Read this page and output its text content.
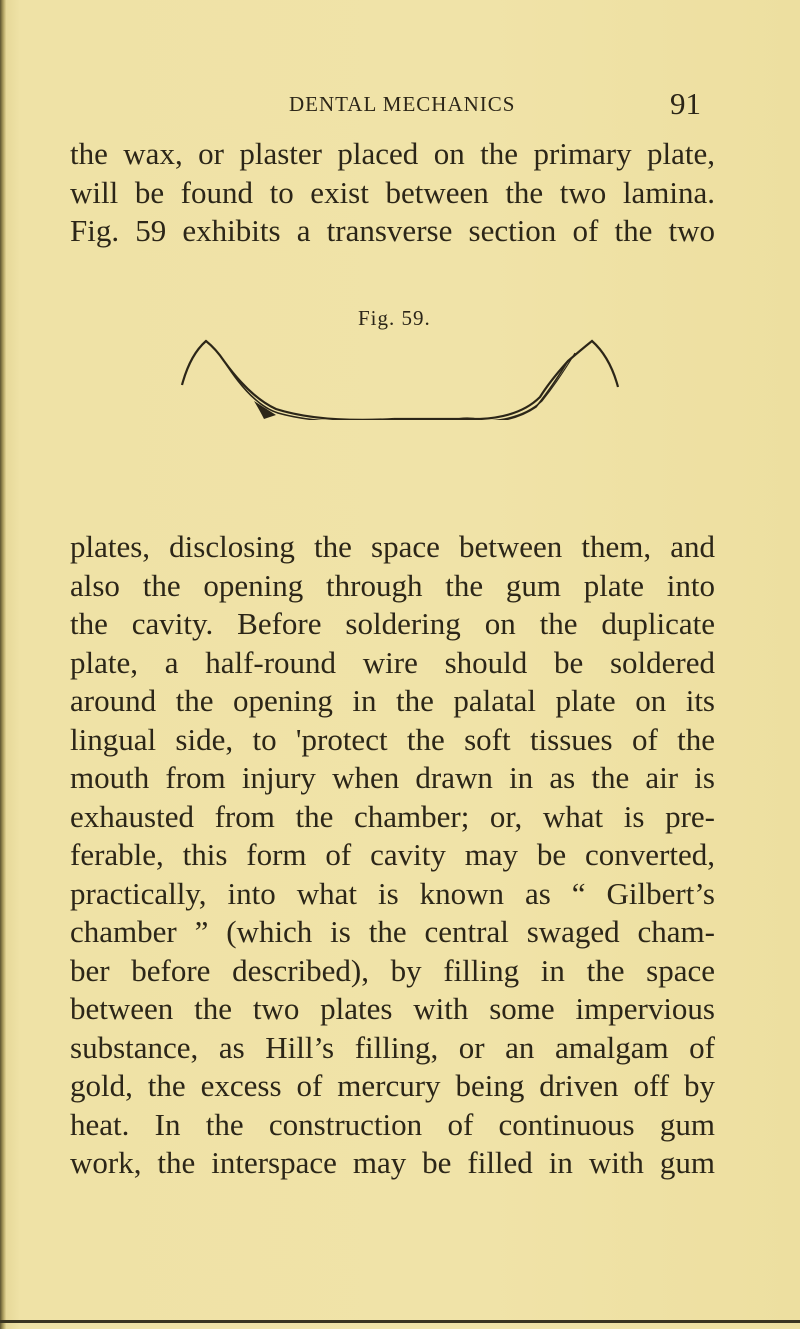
DENTAL MECHANICS	91
the wax, or plaster placed on the primary plate,
will be found to exist between the two lamina.
Fig. 59 exhibits a transverse section of the two
Fig. 59.
plates, disclosing the space between them, and
also the opening through the gum plate into
the cavity. Before soldering on the duplicate
plate, a half-round wire should be soldered
around the opening in the palatal plate on its
lingual side, to 'protect the soft tissues of the
mouth from injury when drawn in as the air is
exhausted from the chamber; or, what is pre-
ferable, this form of cavity may be converted,
practically, into what is known as “ Gilbert’s
chamber ” (which is the central swaged cham-
ber before described), by filling in the space
between the two plates with some impervious
substance, as Hill’s filling, or an amalgam of
gold, the excess of mercury being driven off by
heat. In the construction of continuous gum
work, the interspace may be filled in with gum
